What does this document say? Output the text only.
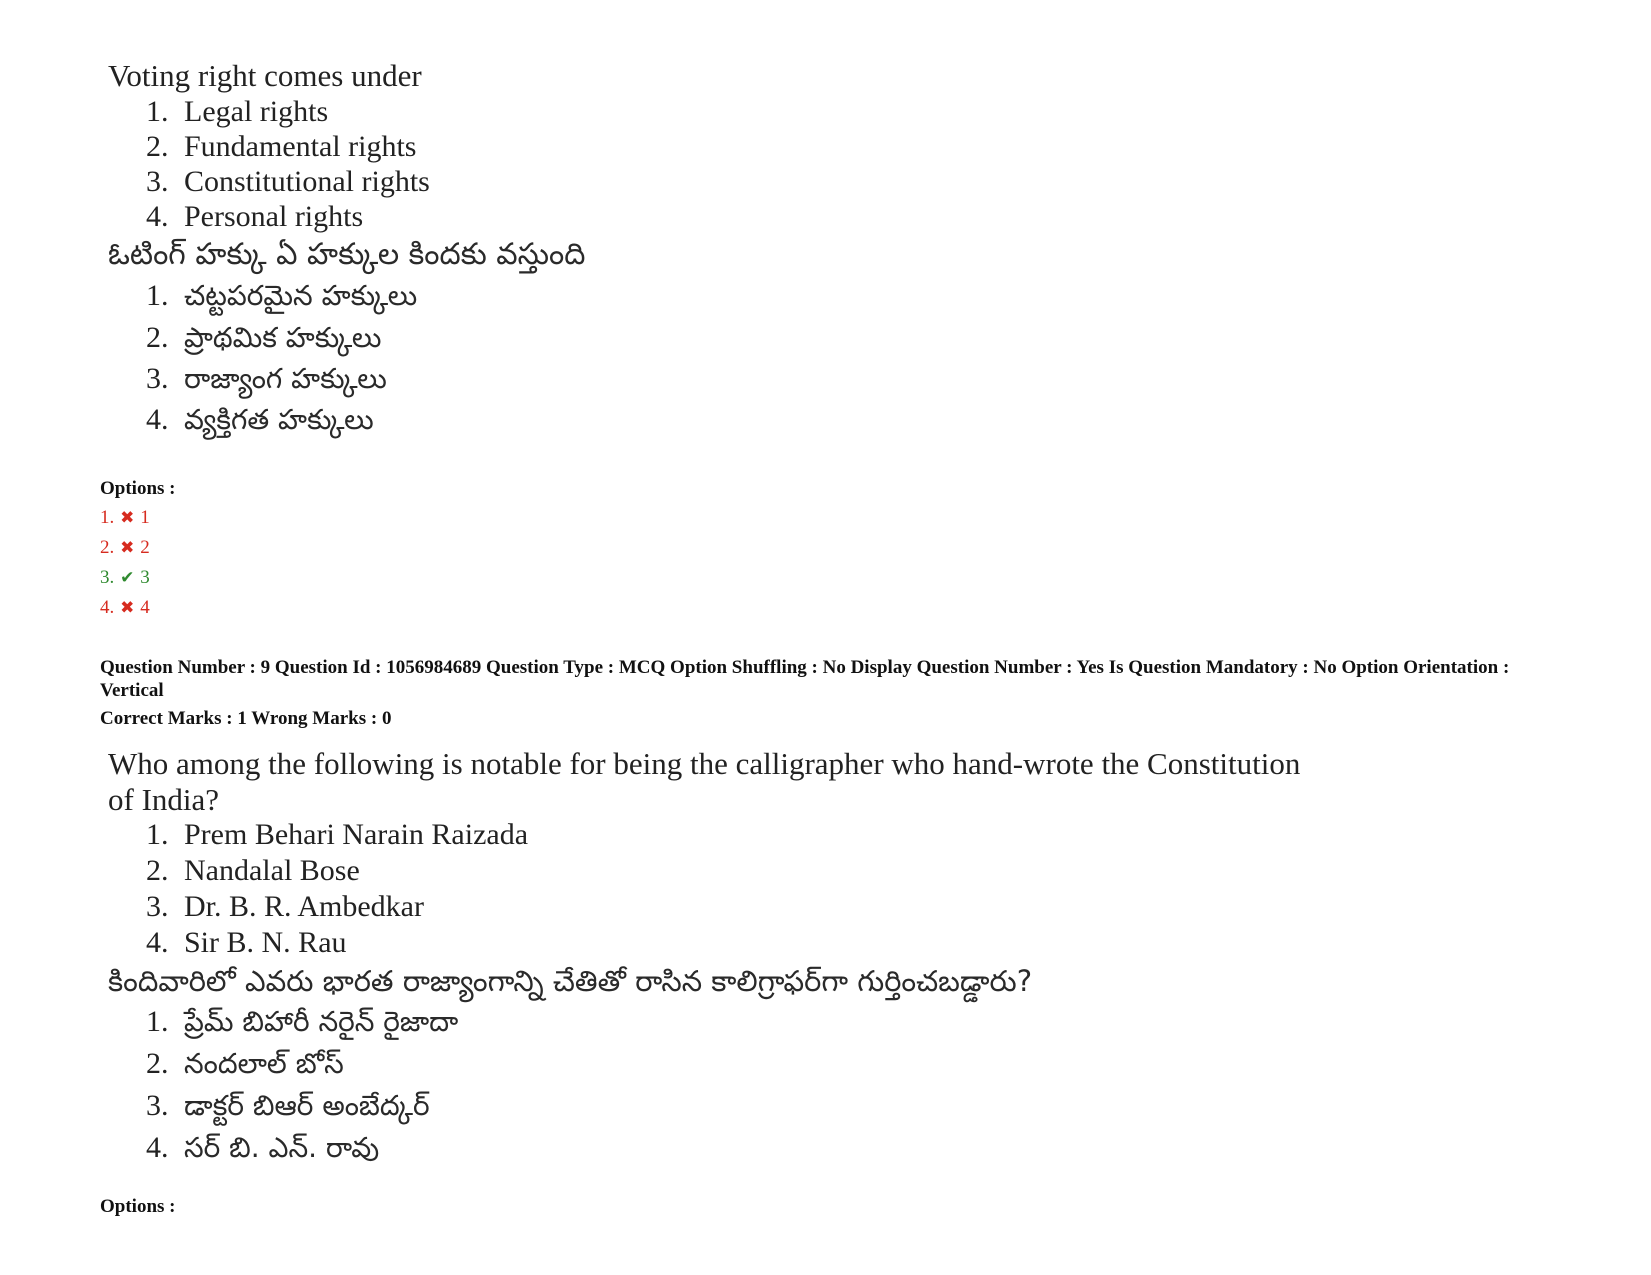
Voting right comes under
1. Legal rights
2. Fundamental rights
3. Constitutional rights
4. Personal rights
ఓటింగ్ హక్కు ఏ హక్కుల కిందకు వస్తుంది
1. చట్టపరమైన హక్కులు
2. ప్రాథమిక హక్కులు
3. రాజ్యాంగ హక్కులు
4. వ్యక్తిగత హక్కులు
Options :
1. ✖ 1
2. ✖ 2
3. ✔ 3
4. ✖ 4
Question Number : 9 Question Id : 1056984689 Question Type : MCQ Option Shuffling : No Display Question Number : Yes Is Question Mandatory : No Option Orientation : Vertical
Correct Marks : 1 Wrong Marks : 0
Who among the following is notable for being the calligrapher who hand-wrote the Constitution
of India?
1. Prem Behari Narain Raizada
2. Nandalal Bose
3. Dr. B. R. Ambedkar
4. Sir B. N. Rau
కిందివారిలో ఎవరు భారత రాజ్యాంగాన్ని చేతితో రాసిన కాలిగ్రాఫర్‌గా గుర్తించబడ్డారు?
1. ప్రేమ్ బిహారీ నరైన్ రైజాదా
2. నందలాల్ బోస్
3. డాక్టర్ బిఆర్ అంబేద్కర్
4. సర్ బి. ఎన్. రావు
Options :
